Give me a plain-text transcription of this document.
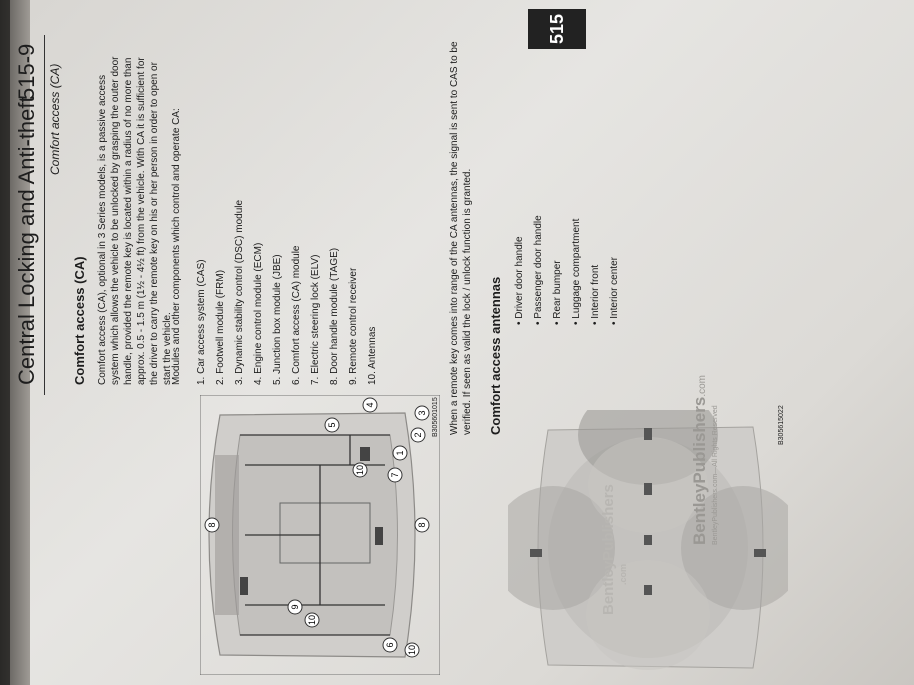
Central Locking and Anti-theft
515-9 Comfort access (CA)
515
Comfort access (CA) Comfort access (CA), optional in 3 Series models, is a passive access system which allows the vehicle to be unlocked by grasping the outer door handle, provided the remote key is located within a radius of no more than approx. 0.5 - 1.5 m (1½ - 4½ ft) from the vehicle. With CA it is sufficient for the driver to carry the remote key on his or her person in order to open or start the vehicle.
Modules and other components which control and operate CA:	1. Car access system (CAS) 2. Footwell module (FRM) 3. Dynamic stability control (DSC) module 4. Engine control module (ECM) 5. Junction box module (JBE) 6. Comfort access (CA) module 7. Electric steering lock (ELV) 8. Door handle module (TAGE) 9. Remote control receiver 10. Antennas
1
2
3
4
5
6
7
8
8
9
10
10
10
B305601015 When a remote key comes into range of the CA antennas, the signal is sent to CAS to be verified. If seen as valid the lock / unlock function is granted. Comfort access antennas	• Driver door handle • Passenger door handle • Rear bumper • Luggage compartment • Interior front • Interior center
B305615022
BentleyPublishers .com
BentleyPublishers.com
BentleyPublishers.com—All Rights Reserved
